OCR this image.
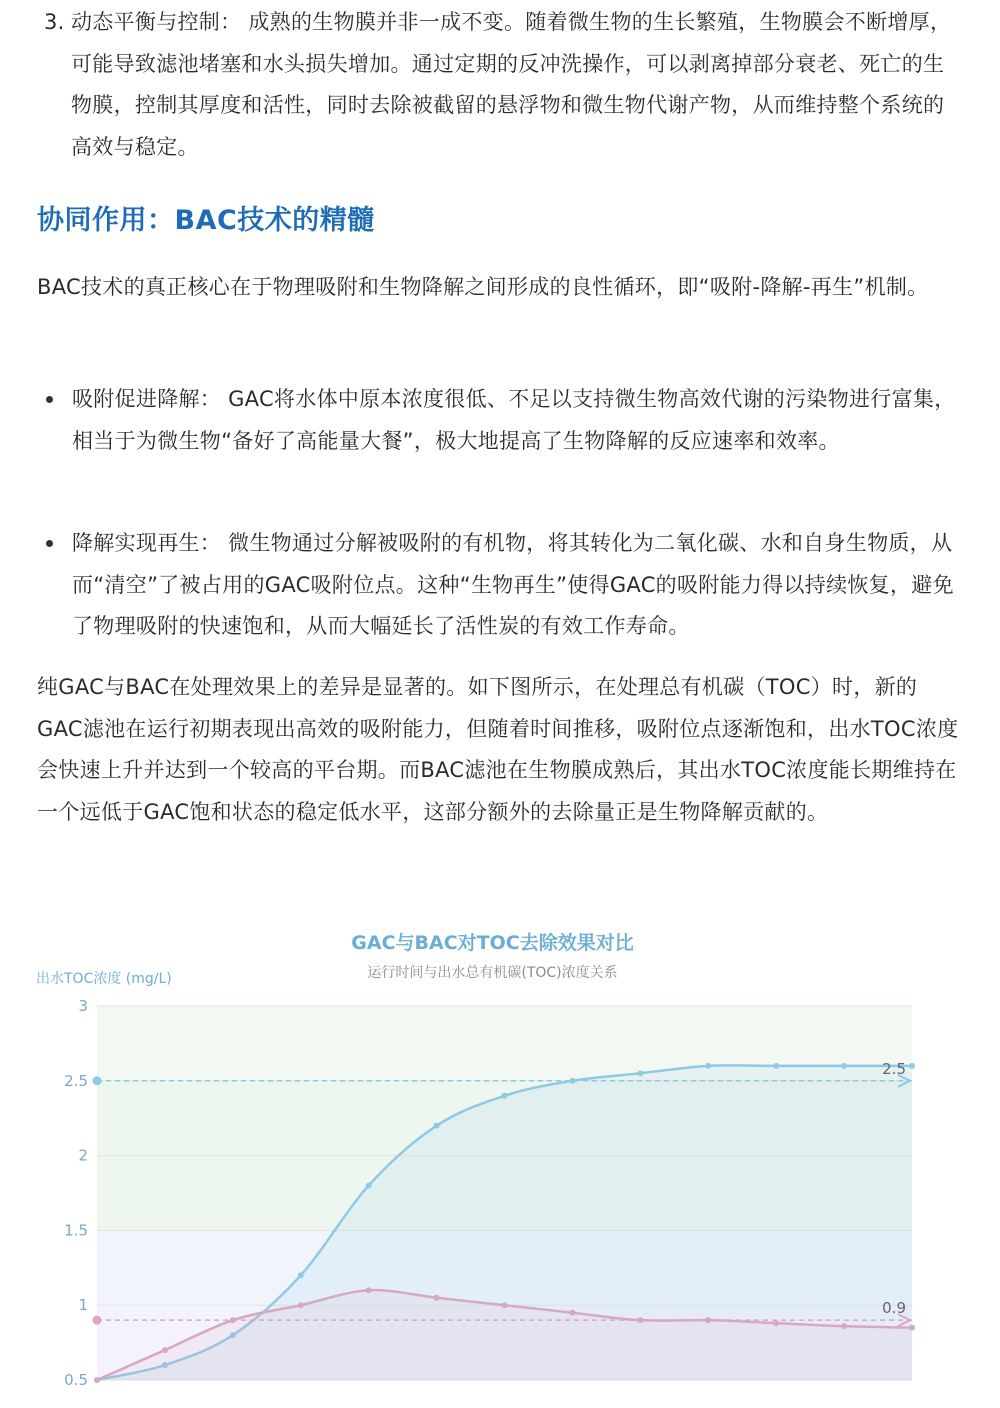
3. 动态平衡与控制： 成熟的生物膜并非一成不变。随着微生物的生长繁殖，生物膜会不断增厚，可能导致滤池堵塞和水头损失增加。通过定期的反冲洗操作，可以剥离掉部分衰老、死亡的生物膜，控制其厚度和活性，同时去除被截留的悬浮物和微生物代谢产物，从而维持整个系统的高效与稳定。
协同作用：BAC技术的精髓
BAC技术的真正核心在于物理吸附和生物降解之间形成的良性循环，即“吸附-降解-再生”机制。
吸附促进降解： GAC将水体中原本浓度很低、不足以支持微生物高效代谢的污染物进行富集，相当于为微生物“备好了高能量大餐”，极大地提高了生物降解的反应速率和效率。
降解实现再生： 微生物通过分解被吸附的有机物，将其转化为二氧化碳、水和自身生物质，从而“清空”了被占用的GAC吸附位点。这种“生物再生”使得GAC的吸附能力得以持续恢复，避免了物理吸附的快速饱和，从而大幅延长了活性炭的有效工作寿命。
纯GAC与BAC在处理效果上的差异是显著的。如下图所示，在处理总有机碳（TOC）时，新的GAC滤池在运行初期表现出高效的吸附能力，但随着时间推移，吸附位点逐渐饱和，出水TOC浓度会快速上升并达到一个较高的平台期。而BAC滤池在生物膜成熟后，其出水TOC浓度能长期维持在一个远低于GAC饱和状态的稳定低水平，这部分额外的去除量正是生物降解贡献的。
GAC与BAC对TOC去除效果对比
运行时间与出水总有机碳(TOC)浓度关系
出水TOC浓度 (mg/L)
3
2.5
2
1.5
1
0.5
2.5
0.9
